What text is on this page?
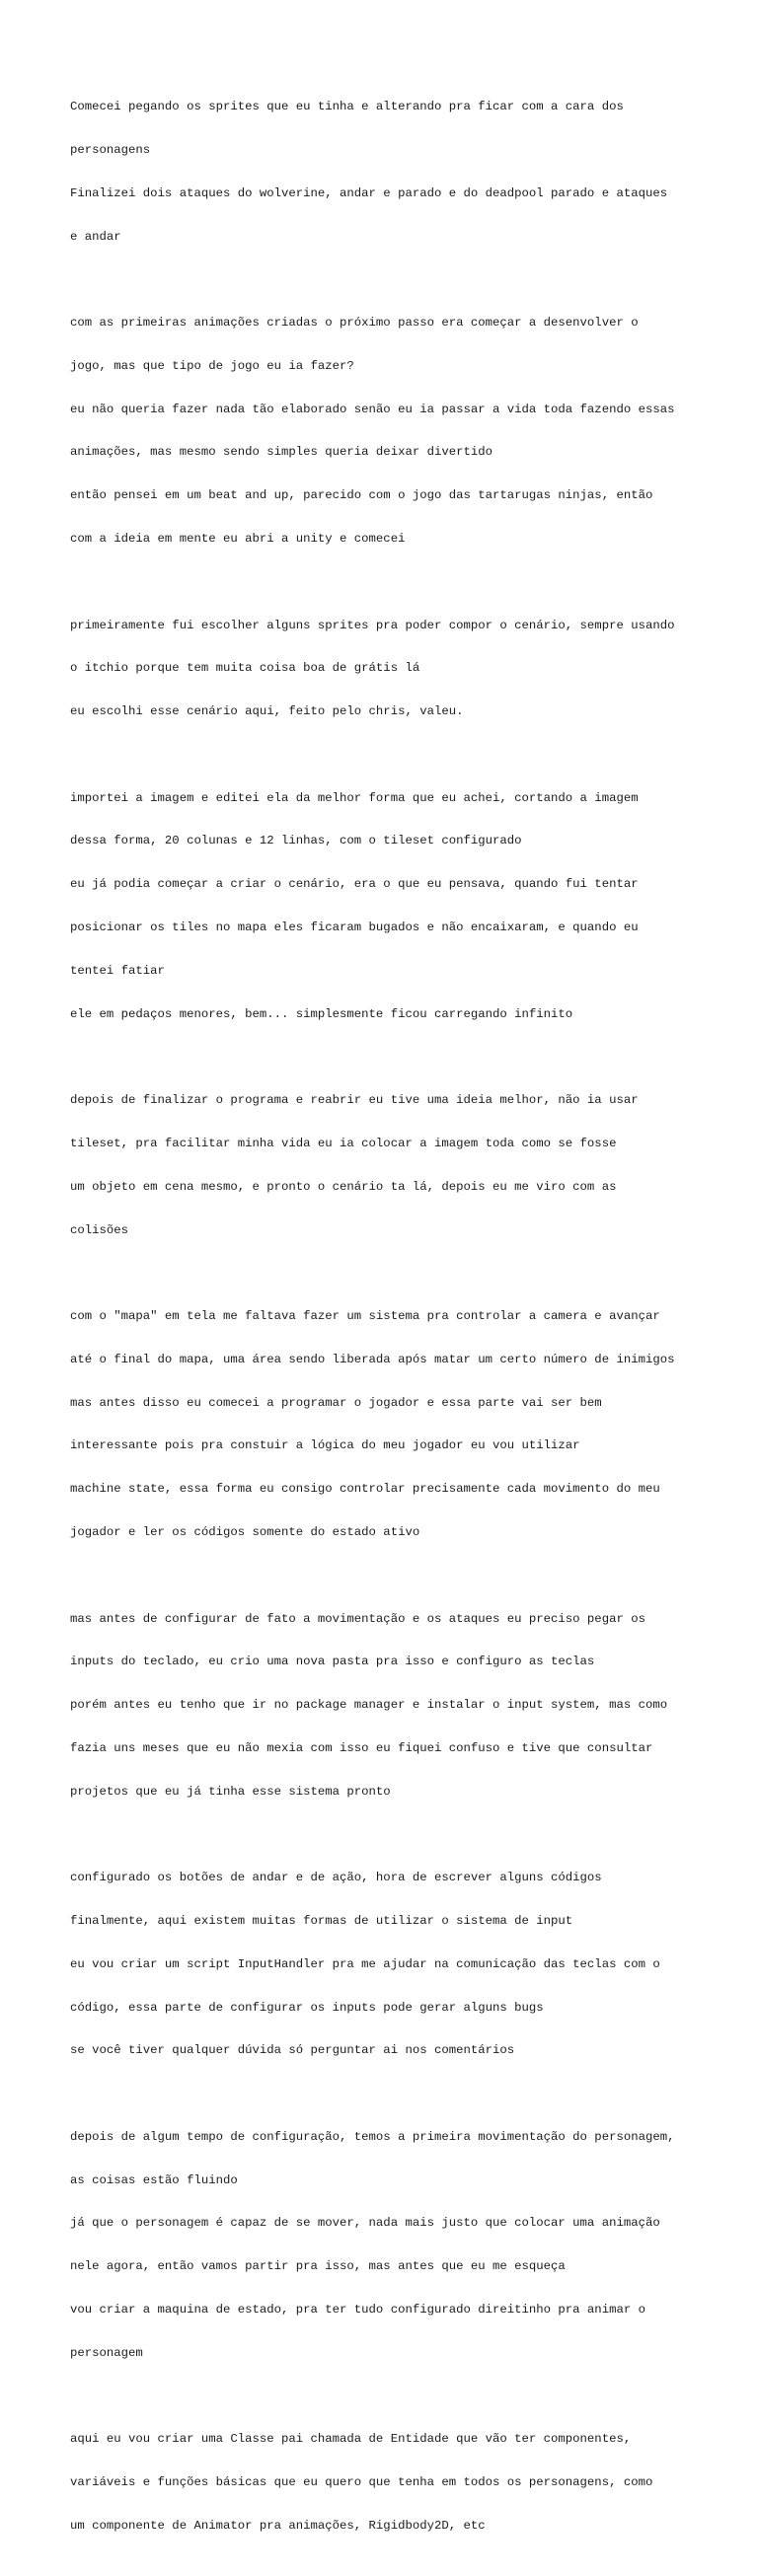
Comecei pegando os sprites que eu tinha e alterando pra ficar com a cara dos

personagens

Finalizei dois ataques do wolverine, andar e parado e do deadpool parado e ataques

e andar

com as primeiras animações criadas o próximo passo era começar a desenvolver o

jogo, mas que tipo de jogo eu ia fazer?

eu não queria fazer nada tão elaborado senão eu ia passar a vida toda fazendo essas

animações, mas mesmo sendo simples queria deixar divertido

então pensei em um beat and up, parecido com o jogo das tartarugas ninjas, então

com a ideia em mente eu abri a unity e comecei

primeiramente fui escolher alguns sprites pra poder compor o cenário, sempre usando

o itchio porque tem muita coisa boa de grátis lá

eu escolhi esse cenário aqui, feito pelo chris, valeu.

importei a imagem e editei ela da melhor forma que eu achei, cortando a imagem

dessa forma, 20 colunas e 12 linhas, com o tileset configurado

eu já podia começar a criar o cenário, era o que eu pensava, quando fui tentar

posicionar os tiles no mapa eles ficaram bugados e não encaixaram, e quando eu

tentei fatiar

ele em pedaços menores, bem... simplesmente ficou carregando infinito

depois de finalizar o programa e reabrir eu tive uma ideia melhor, não ia usar

tileset, pra facilitar minha vida eu ia colocar a imagem toda como se fosse

um objeto em cena mesmo, e pronto o cenário ta lá, depois eu me viro com as

colisões

com o "mapa" em tela me faltava fazer um sistema pra controlar a camera e avançar

até o final do mapa, uma área sendo liberada após matar um certo número de inimigos

mas antes disso eu comecei a programar o jogador e essa parte vai ser bem

interessante pois pra constuir a lógica do meu jogador eu vou utilizar

machine state, essa forma eu consigo controlar precisamente cada movimento do meu

jogador e ler os códigos somente do estado ativo

mas antes de configurar de fato a movimentação e os ataques eu preciso pegar os

inputs do teclado, eu crio uma nova pasta pra isso e configuro as teclas

porém antes eu tenho que ir no package manager e instalar o input system, mas como

fazia uns meses que eu não mexia com isso eu fiquei confuso e tive que consultar

projetos que eu já tinha esse sistema pronto

configurado os botões de andar e de ação, hora de escrever alguns códigos

finalmente, aqui existem muitas formas de utilizar o sistema de input

eu vou criar um script InputHandler pra me ajudar na comunicação das teclas com o

código, essa parte de configurar os inputs pode gerar alguns bugs

se você tiver qualquer dúvida só perguntar ai nos comentários

depois de algum tempo de configuração, temos a primeira movimentação do personagem,

as coisas estão fluindo

já que o personagem é capaz de se mover, nada mais justo que colocar uma animação

nele agora, então vamos partir pra isso, mas antes que eu me esqueça

vou criar a maquina de estado, pra ter tudo configurado direitinho pra animar o

personagem

aqui eu vou criar uma Classe pai chamada de Entidade que vão ter componentes,

variáveis e funções básicas que eu quero que tenha em todos os personagens, como

um componente de Animator pra animações, Rigidbody2D, etc
